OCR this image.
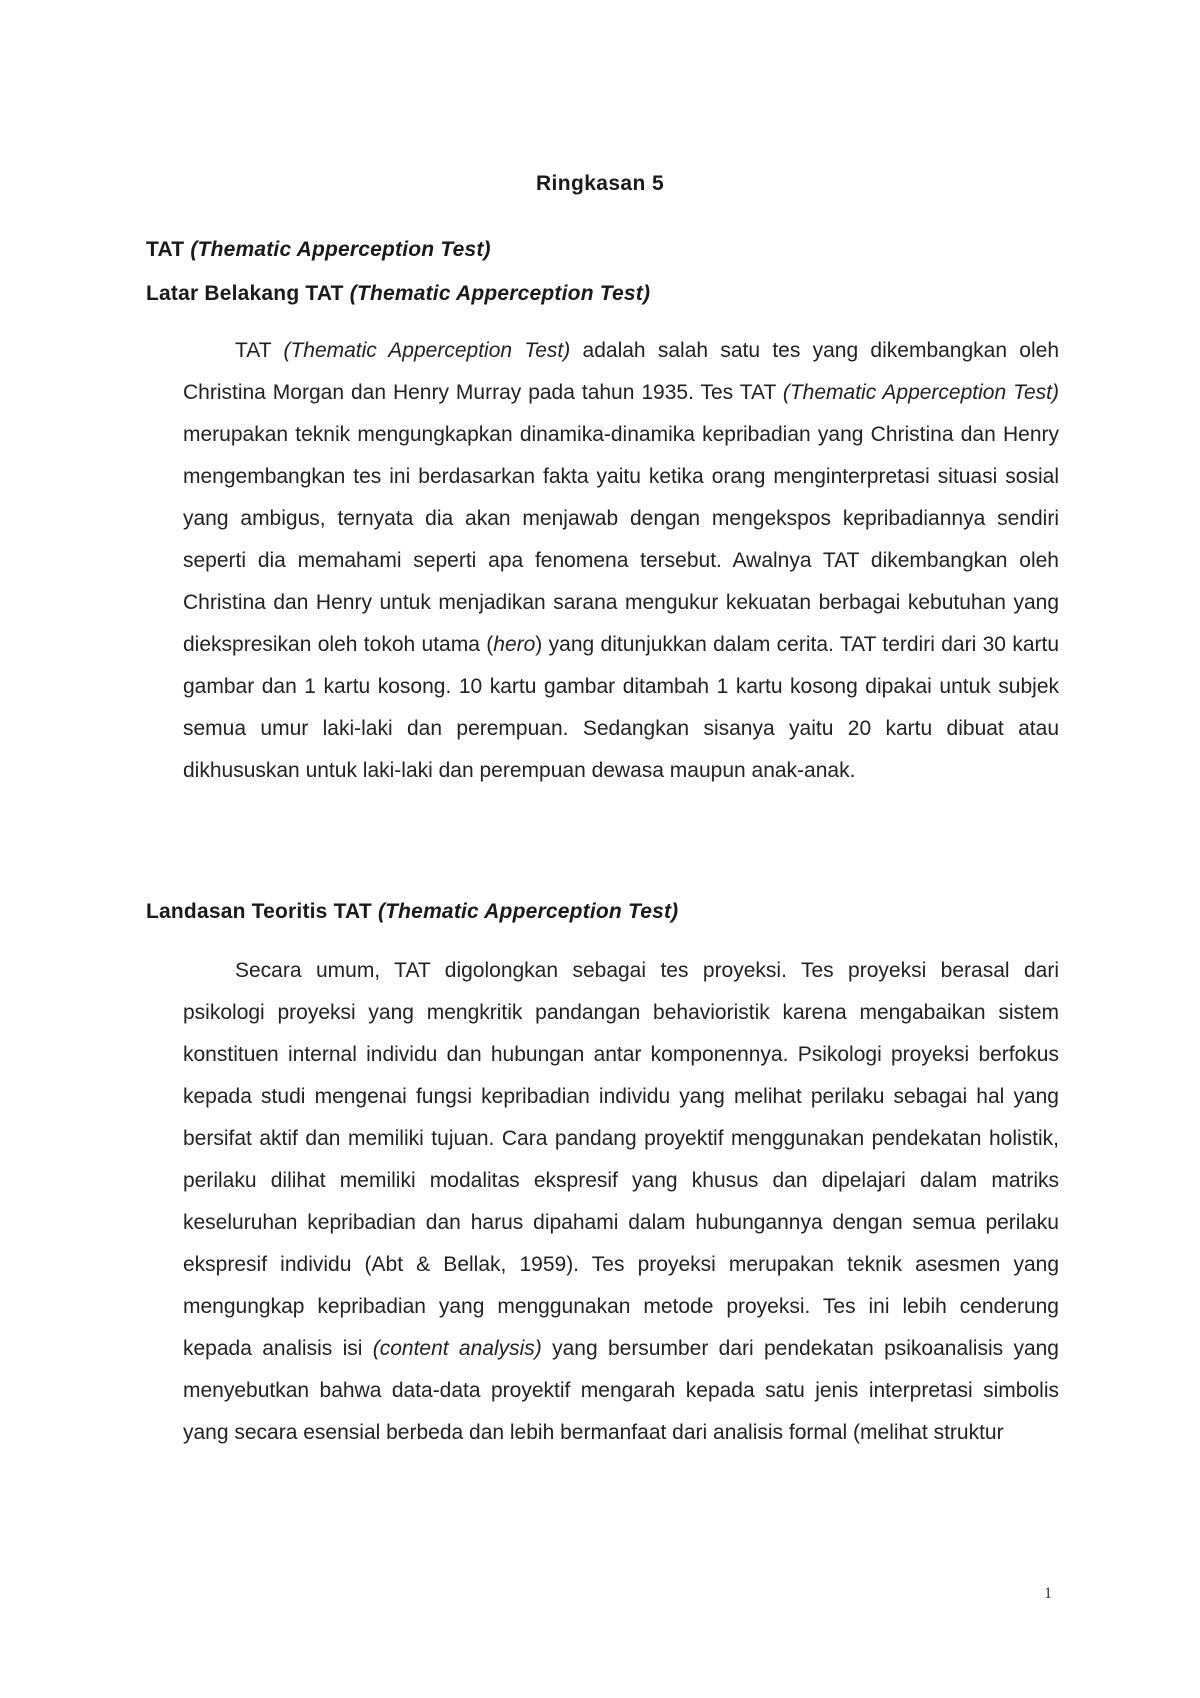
Ringkasan 5
TAT (Thematic Apperception Test)
Latar Belakang TAT (Thematic Apperception Test)

TAT (Thematic Apperception Test) adalah salah satu tes yang dikembangkan oleh Christina Morgan dan Henry Murray pada tahun 1935. Tes TAT (Thematic Apperception Test) merupakan teknik mengungkapkan dinamika-dinamika kepribadian yang Christina dan Henry mengembangkan tes ini berdasarkan fakta yaitu ketika orang menginterpretasi situasi sosial yang ambigus, ternyata dia akan menjawab dengan mengekspos kepribadiannya sendiri seperti dia memahami seperti apa fenomena tersebut. Awalnya TAT dikembangkan oleh Christina dan Henry untuk menjadikan sarana mengukur kekuatan berbagai kebutuhan yang diekspresikan oleh tokoh utama (hero) yang ditunjukkan dalam cerita. TAT terdiri dari 30 kartu gambar dan 1 kartu kosong. 10 kartu gambar ditambah 1 kartu kosong dipakai untuk subjek semua umur laki-laki dan perempuan. Sedangkan sisanya yaitu 20 kartu dibuat atau dikhususkan untuk laki-laki dan perempuan dewasa maupun anak-anak.

Landasan Teoritis TAT (Thematic Apperception Test)

Secara umum, TAT digolongkan sebagai tes proyeksi. Tes proyeksi berasal dari psikologi proyeksi yang mengkritik pandangan behavioristik karena mengabaikan sistem konstituen internal individu dan hubungan antar komponennya. Psikologi proyeksi berfokus kepada studi mengenai fungsi kepribadian individu yang melihat perilaku sebagai hal yang bersifat aktif dan memiliki tujuan. Cara pandang proyektif menggunakan pendekatan holistik, perilaku dilihat memiliki modalitas ekspresif yang khusus dan dipelajari dalam matriks keseluruhan kepribadian dan harus dipahami dalam hubungannya dengan semua perilaku ekspresif individu (Abt & Bellak, 1959). Tes proyeksi merupakan teknik asesmen yang mengungkap kepribadian yang menggunakan metode proyeksi. Tes ini lebih cenderung kepada analisis isi (content analysis) yang bersumber dari pendekatan psikoanalisis yang menyebutkan bahwa data-data proyektif mengarah kepada satu jenis interpretasi simbolis yang secara esensial berbeda dan lebih bermanfaat dari analisis formal (melihat struktur

1
